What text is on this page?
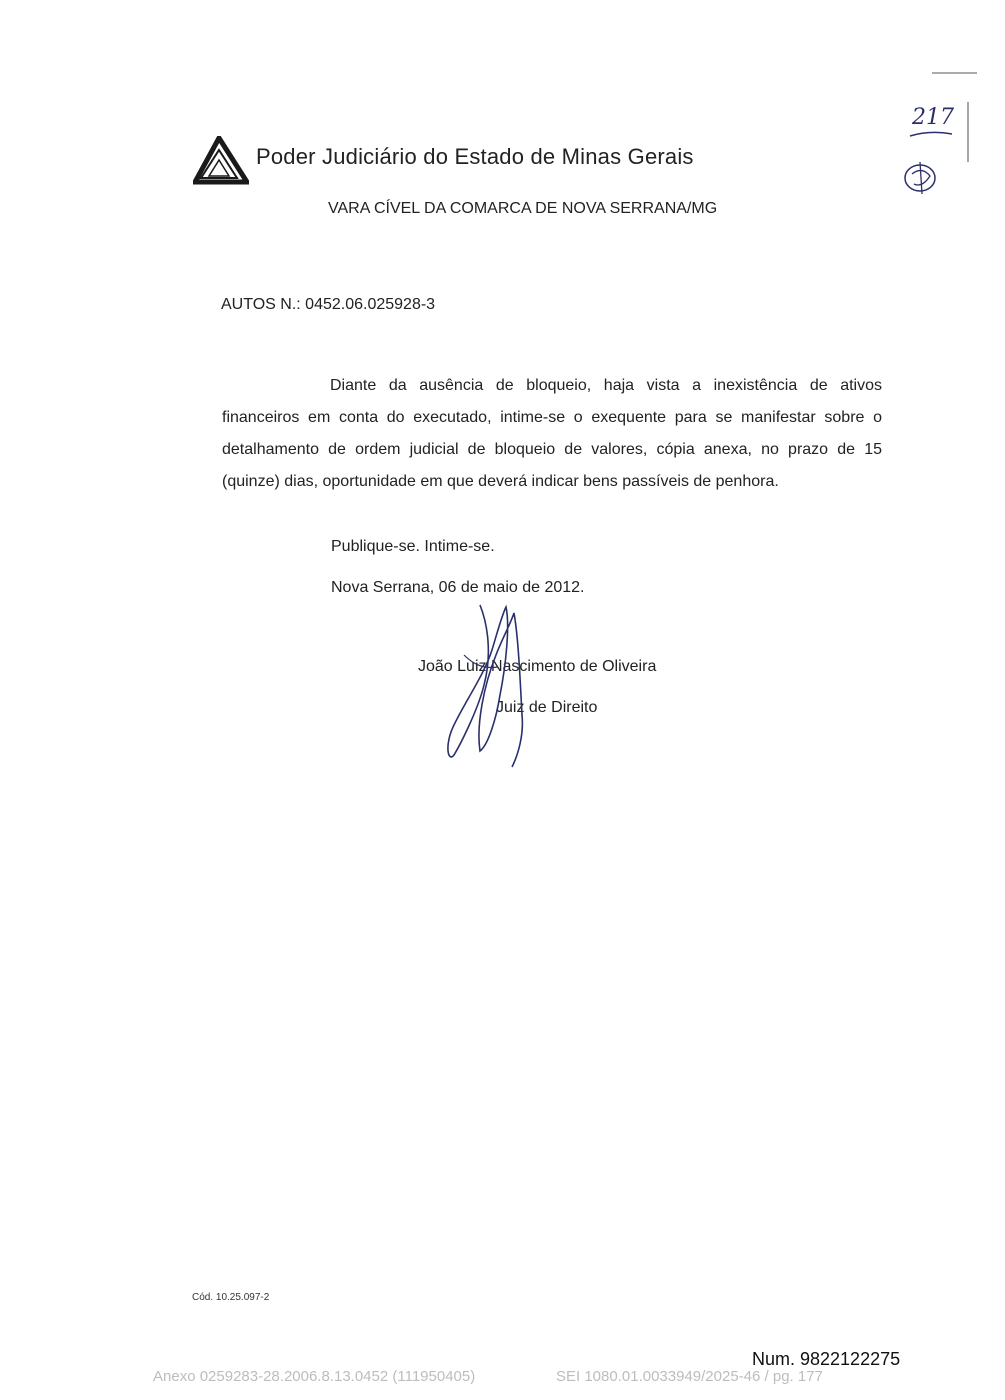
Poder Judiciário do Estado de Minas Gerais
VARA CÍVEL DA COMARCA DE NOVA SERRANA/MG
217
AUTOS N.: 0452.06.025928-3
Diante da ausência de bloqueio, haja vista a inexistência de ativos financeiros em conta do executado, intime-se o exequente para se manifestar sobre o detalhamento de ordem judicial de bloqueio de valores, cópia anexa, no prazo de 15 (quinze) dias, oportunidade em que deverá indicar bens passíveis de penhora.
Publique-se. Intime-se.
Nova Serrana, 06 de maio de 2012.
João Luiz Nascimento de Oliveira
Juiz de Direito
Cód. 10.25.097-2
Num. 9822122275
Anexo 0259283-28.2006.8.13.0452 (111950405)	SEI 1080.01.0033949/2025-46 / pg. 177
